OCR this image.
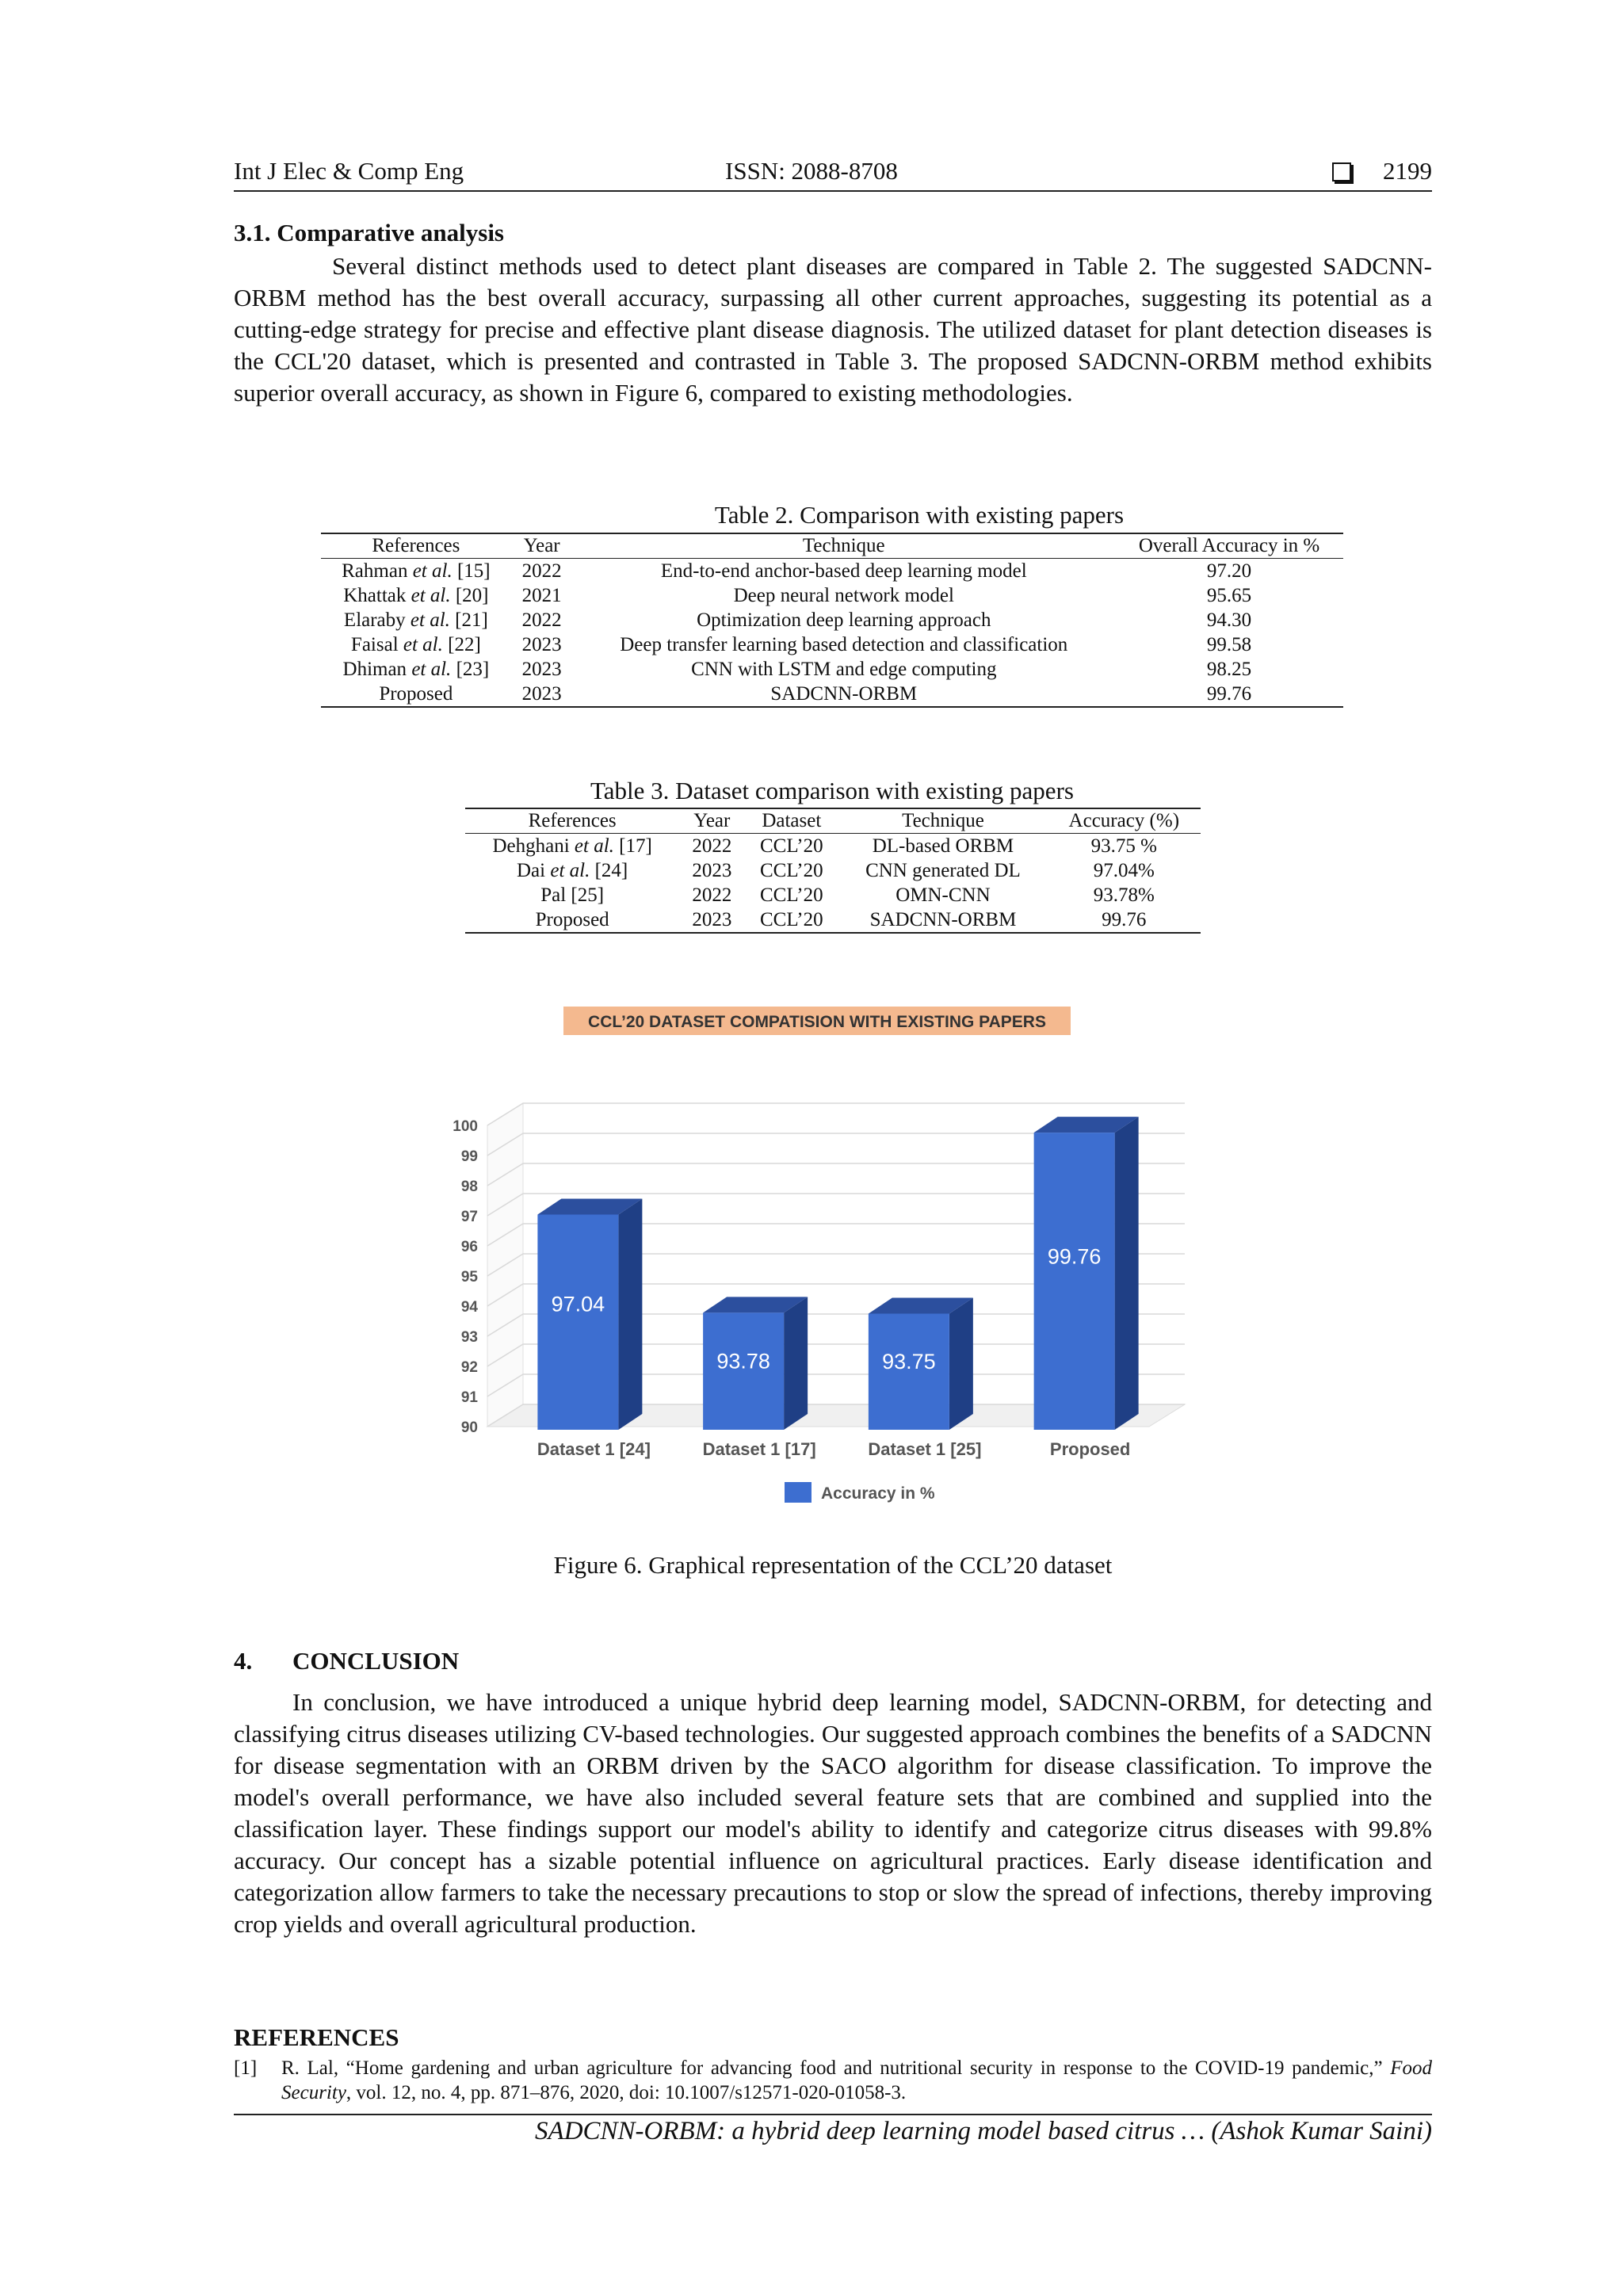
Int J Elec & Comp Eng	ISSN: 2088-8708	2199
3.1. Comparative analysis

Several distinct methods used to detect plant diseases are compared in Table 2. The suggested SADCNN-ORBM method has the best overall accuracy, surpassing all other current approaches, suggesting its potential as a cutting-edge strategy for precise and effective plant disease diagnosis. The utilized dataset for plant detection diseases is the CCL'20 dataset, which is presented and contrasted in Table 3. The proposed SADCNN-ORBM method exhibits superior overall accuracy, as shown in Figure 6, compared to existing methodologies.

Table 2. Comparison with existing papers
References	Year	Technique	Overall Accuracy in %
Rahman et al. [15]	2022	End-to-end anchor-based deep learning model	97.20
Khattak et al. [20]	2021	Deep neural network model	95.65
Elaraby et al. [21]	2022	Optimization deep learning approach	94.30
Faisal et al. [22]	2023	Deep transfer learning based detection and classification	99.58
Dhiman et al. [23]	2023	CNN with LSTM and edge computing	98.25
Proposed	2023	SADCNN-ORBM	99.76
Table 3. Dataset comparison with existing papers
References	Year	Dataset	Technique	Accuracy (%)
Dehghani et al. [17]	2022	CCL’20	DL-based ORBM	93.75 %
Dai et al. [24]	2023	CCL’20	CNN generated DL	97.04%
Pal [25]	2022	CCL’20	OMN-CNN	93.78%
Proposed	2023	CCL’20	SADCNN-ORBM	99.76
CCL’20 DATASET COMPATISION WITH EXISTING PAPERS
90
91
92
93
94
95
96
97
98
99
100
97.04
Dataset 1 [24]
93.78
Dataset 1 [17]
93.75
Dataset 1 [25]
99.76
Proposed
Accuracy in %
Figure 6. Graphical representation of the CCL’20 dataset
4. CONCLUSION

In conclusion, we have introduced a unique hybrid deep learning model, SADCNN-ORBM, for detecting and classifying citrus diseases utilizing CV-based technologies. Our suggested approach combines the benefits of a SADCNN for disease segmentation with an ORBM driven by the SACO algorithm for disease classification. To improve the model's overall performance, we have also included several feature sets that are combined and supplied into the classification layer. These findings support our model's ability to identify and categorize citrus diseases with 99.8% accuracy. Our concept has a sizable potential influence on agricultural practices. Early disease identification and categorization allow farmers to take the necessary precautions to stop or slow the spread of infections, thereby improving crop yields and overall agricultural production.

REFERENCES
[1] R. Lal, “Home gardening and urban agriculture for advancing food and nutritional security in response to the COVID-19 pandemic,” Food Security, vol. 12, no. 4, pp. 871–876, 2020, doi: 10.1007/s12571-020-01058-3.
SADCNN-ORBM: a hybrid deep learning model based citrus … (Ashok Kumar Saini)
